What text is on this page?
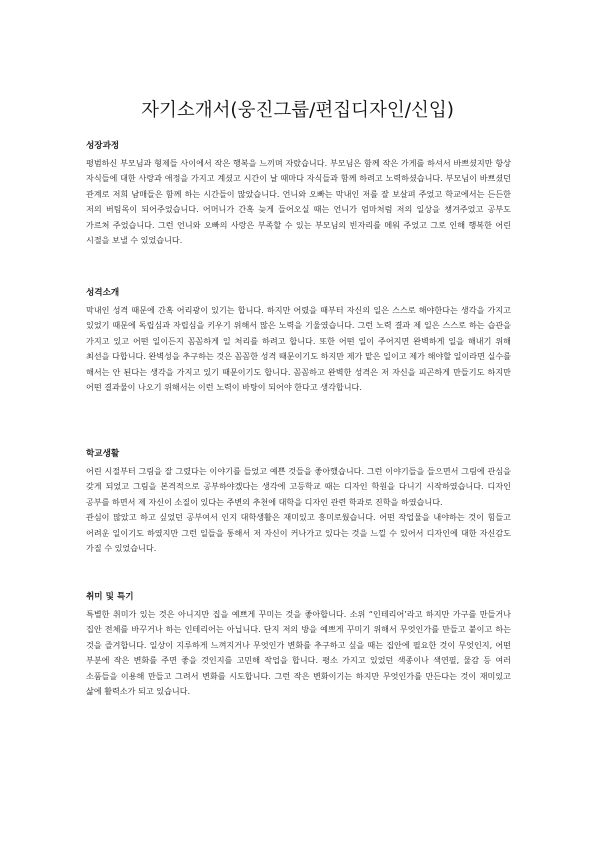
자기소개서(웅진그룹/편집디자인/신입)
성장과정

평범하신 부모님과 형제들 사이에서 작은 행복을 느끼며 자랐습니다. 부모님은 함께 작은 가게를 하셔서 바쁘셨지만 항상 자식들에 대한 사랑과 애정을 가지고 계셨고 시간이 날 때마다 자식들과 함께 하려고 노력하셨습니다. 부모님이 바쁘셨던 관계로 저희 남매들은 함께 하는 시간들이 많았습니다. 언니와 오빠는 막내인 저를 잘 보살펴 주었고 학교에서는 든든한 저의 버팀목이 되어주었습니다. 어머니가 간혹 늦게 들어오실 때는 언니가 엄마처럼 저의 일상을 챙겨주었고 공부도 가르쳐 주었습니다. 그런 언니와 오빠의 사랑은 부족할 수 있는 부모님의 빈자리를 메워 주었고 그로 인해 행복한 어린 시절을 보낼 수 있었습니다.

성격소개

막내인 성격 때문에 간혹 어리광이 있기는 합니다. 하지만 어렸을 때부터 자신의 일은 스스로 해야한다는 생각을 가지고 있었기 때문에 독립심과 자립심을 키우기 위해서 많은 노력을 기울였습니다. 그런 노력 결과 제 일은 스스로 하는 습관을 가지고 있고 어떤 일이든지 꼼꼼하게 일 처리를 하려고 합니다. 또한 어떤 일이 주어지면 완벽하게 일을 해내기 위해 최선을 다합니다. 완벽성을 추구하는 것은 꼼꼼한 성격 때문이기도 하지만 제가 맡은 일이고 제가 해야할 일이라면 실수를 해서는 안 된다는 생각을 가지고 있기 때문이기도 합니다. 꼼꼼하고 완벽한 성격은 저 자신을 피곤하게 만들기도 하지만 어떤 결과물이 나오기 위해서는 이런 노력이 바탕이 되어야 한다고 생각합니다.

학교생활

어린 시절부터 그림을 잘 그렸다는 이야기를 들었고 예쁜 것들을 좋아했습니다. 그런 이야기들을 들으면서 그림에 관심을 갖게 되었고 그림을 본격적으로 공부하야겠다는 생각에 고등학교 때는 디자인 학원을 다니기 시작하였습니다. 디자인 공부를 하면서 제 자신이 소질이 있다는 주변의 추천에 대학을 디자인 관련 학과로 진학을 하였습니다.
관심이 많았고 하고 싶었던 공부여서 인지 대학생활은 재미있고 흥미로웠습니다. 어떤 작업물을 내야하는 것이 힘들고 어려운 일이기도 하였지만 그런 일들을 통해서 저 자신이 커나가고 있다는 것을 느낄 수 있어서 디자인에 대한 자신감도 가질 수 있었습니다.

취미 및 특기

특별한 취미가 있는 것은 아니지만 집을 예쁘게 꾸미는 것을 좋아합니다. 소위 “인테리어’라고 하지만 가구를 만들거나 집안 전체를 바꾸거나 하는 인테리어는 아닙니다. 단지 저의 방을 예쁘게 꾸미기 위해서 무엇인가를 만들고 붙이고 하는 것을 즐겨합니다. 일상이 지루하게 느껴지거나 무엇인가 변화를 추구하고 싶을 때는 집안에 필요한 것이 무엇인지, 어떤 부분에 작은 변화를 주면 좋을 것인지를 고민해 작업을 합니다. 평소 가지고 있었던 색종이나 색연필, 물감 등 여러 소품들을 이용해 만들고 그려서 변화를 시도합니다. 그런 작은 변화이기는 하지만 무엇인가를 만든다는 것이 재미있고 삶에 활력소가 되고 있습니다.
